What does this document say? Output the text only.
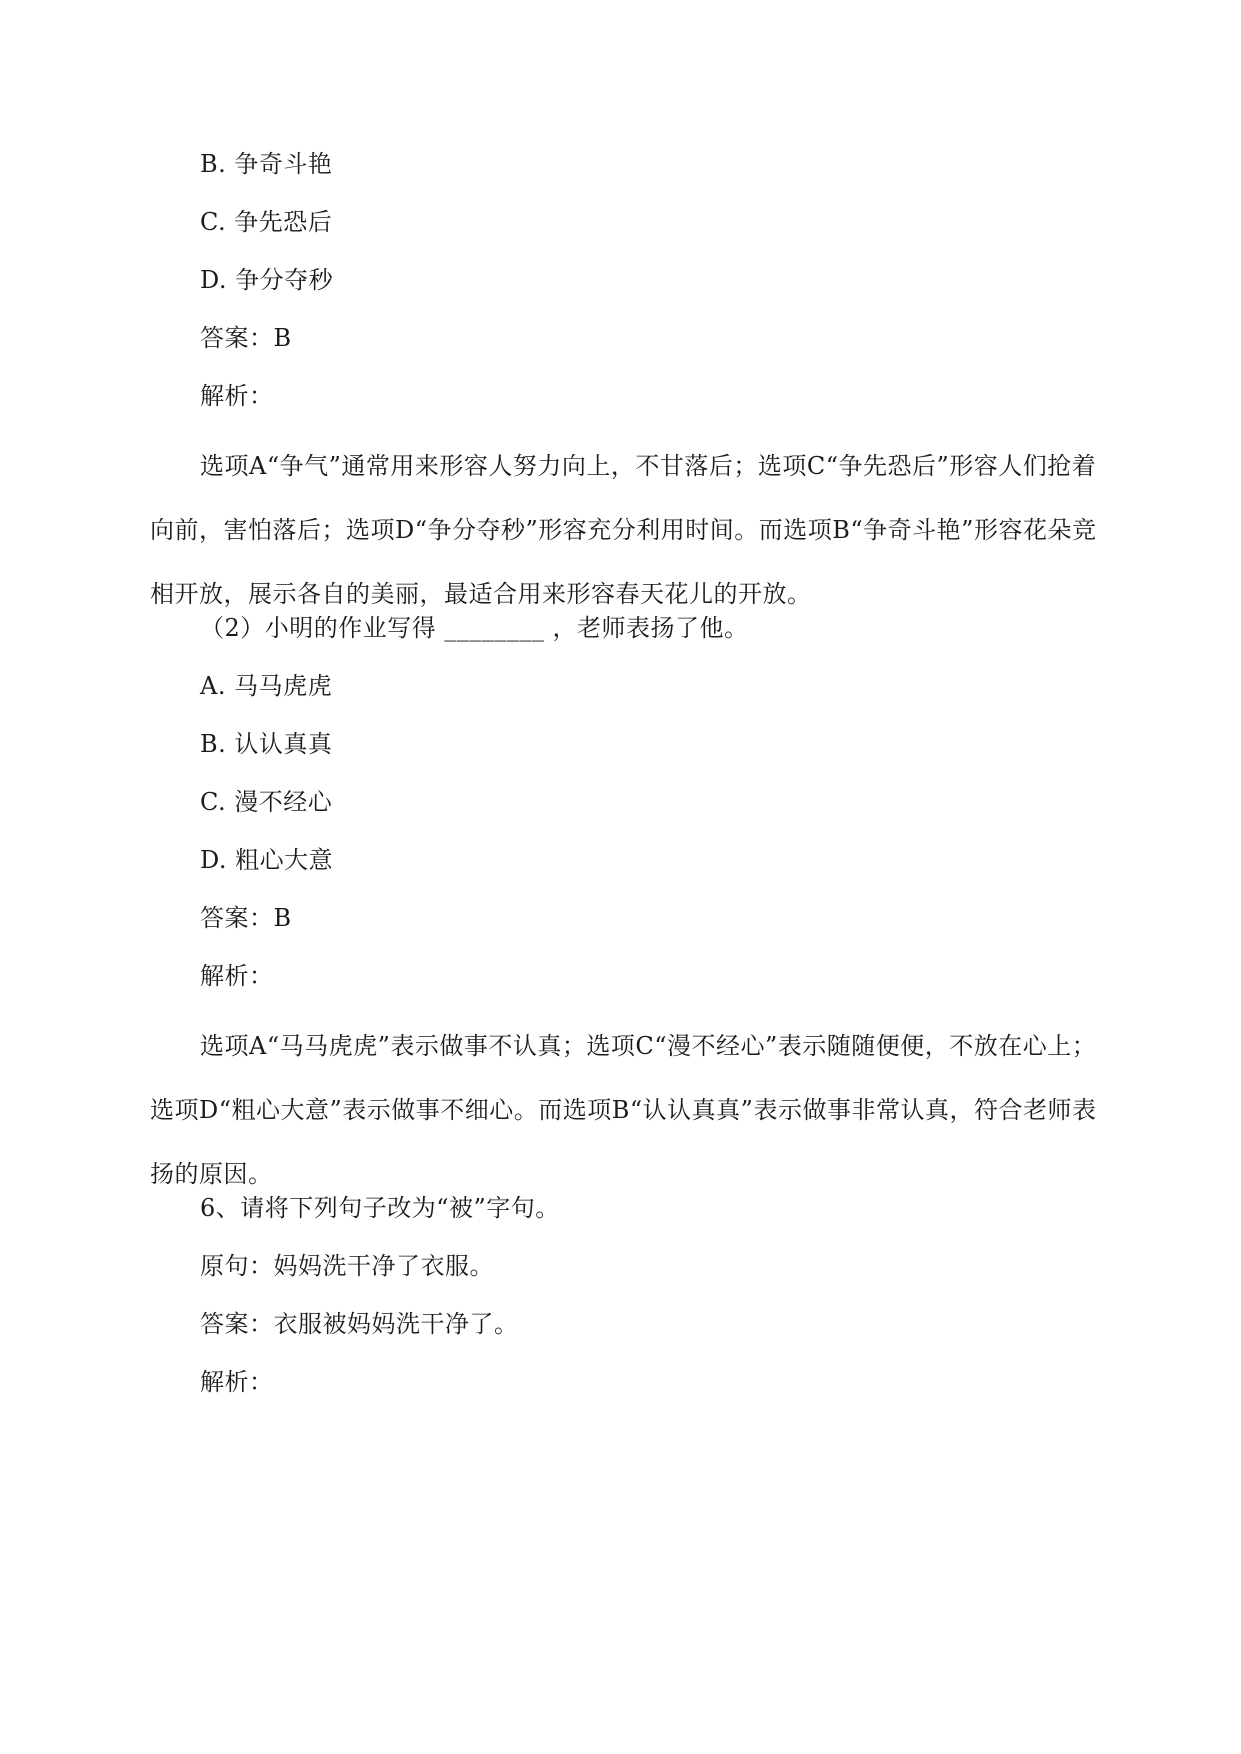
B. 争奇斗艳
C. 争先恐后
D. 争分夺秒
答案：B
解析：
选项A“争气”通常用来形容人努力向上，不甘落后；选项C“争先恐后”形容人们抢着向前，害怕落后；选项D“争分夺秒”形容充分利用时间。而选项B“争奇斗艳”形容花朵竞相开放，展示各自的美丽，最适合用来形容春天花儿的开放。
（2）小明的作业写得 ________ ，老师表扬了他。
A. 马马虎虎
B. 认认真真
C. 漫不经心
D. 粗心大意
答案：B
解析：
选项A“马马虎虎”表示做事不认真；选项C“漫不经心”表示随随便便，不放在心上；选项D“粗心大意”表示做事不细心。而选项B“认认真真”表示做事非常认真，符合老师表扬的原因。
6、请将下列句子改为“被”字句。
原句：妈妈洗干净了衣服。
答案：衣服被妈妈洗干净了。
解析：
